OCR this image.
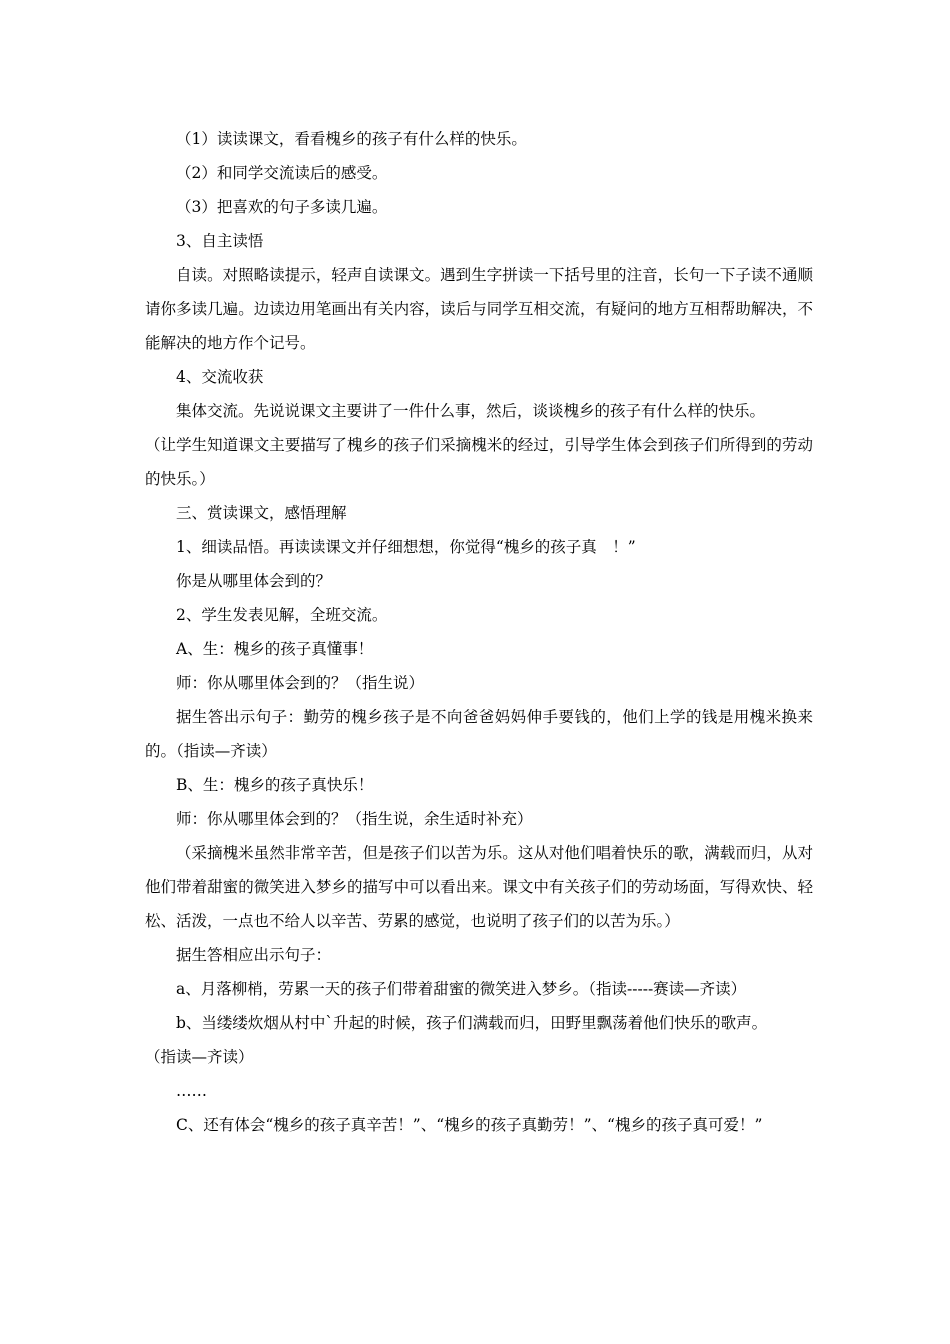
（1）读读课文，看看槐乡的孩子有什么样的快乐。

（2）和同学交流读后的感受。

（3）把喜欢的句子多读几遍。

3、自主读悟

自读。对照略读提示，轻声自读课文。遇到生字拼读一下括号里的注音，长句一下子读不通顺请你多读几遍。边读边用笔画出有关内容，读后与同学互相交流，有疑问的地方互相帮助解决，不能解决的地方作个记号。

4、交流收获

集体交流。先说说课文主要讲了一件什么事，然后，谈谈槐乡的孩子有什么样的快乐。

（让学生知道课文主要描写了槐乡的孩子们采摘槐米的经过，引导学生体会到孩子们所得到的劳动的快乐。）

三、赏读课文，感悟理解

1、细读品悟。再读读课文并仔细想想，你觉得“槐乡的孩子真　！”

你是从哪里体会到的？

2、学生发表见解，全班交流。

A、生：槐乡的孩子真懂事！

师：你从哪里体会到的？（指生说）

据生答出示句子：勤劳的槐乡孩子是不向爸爸妈妈伸手要钱的，他们上学的钱是用槐米换来的。（指读—齐读）

B、生：槐乡的孩子真快乐！

师：你从哪里体会到的？（指生说，余生适时补充）

（采摘槐米虽然非常辛苦，但是孩子们以苦为乐。这从对他们唱着快乐的歌，满载而归，从对他们带着甜蜜的微笑进入梦乡的描写中可以看出来。课文中有关孩子们的劳动场面，写得欢快、轻松、活泼，一点也不给人以辛苦、劳累的感觉，也说明了孩子们的以苦为乐。）

据生答相应出示句子：

a、月落柳梢，劳累一天的孩子们带着甜蜜的微笑进入梦乡。（指读-----赛读—齐读）

b、当缕缕炊烟从村中`升起的时候，孩子们满载而归，田野里飘荡着他们快乐的歌声。

（指读—齐读）

……

C、还有体会“槐乡的孩子真辛苦！”、“槐乡的孩子真勤劳！”、“槐乡的孩子真可爱！”
